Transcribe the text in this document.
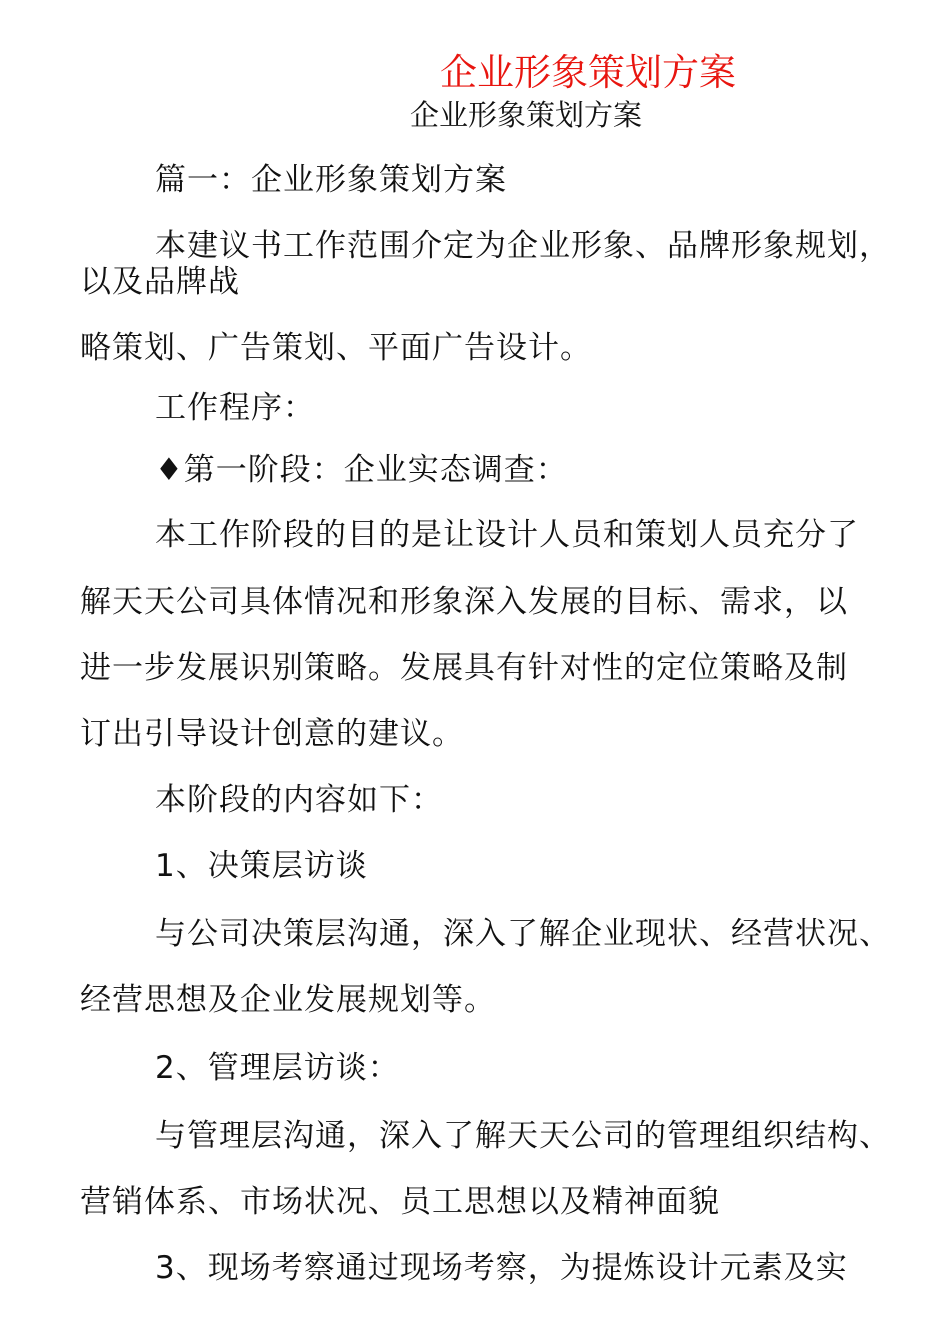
企业形象策划方案
企业形象策划方案
篇一：企业形象策划方案
本建议书工作范围介定为企业形象、品牌形象规划，
以及品牌战
略策划、广告策划、平面广告设计。
工作程序：
♦第一阶段：企业实态调查：
本工作阶段的目的是让设计人员和策划人员充分了
解天天公司具体情况和形象深入发展的目标、需求，以
进一步发展识别策略。发展具有针对性的定位策略及制
订出引导设计创意的建议。
本阶段的内容如下：
1、决策层访谈
与公司决策层沟通，深入了解企业现状、经营状况、
经营思想及企业发展规划等。
2、管理层访谈：
与管理层沟通，深入了解天天公司的管理组织结构、
营销体系、市场状况、员工思想以及精神面貌
3、现场考察通过现场考察，为提炼设计元素及实
